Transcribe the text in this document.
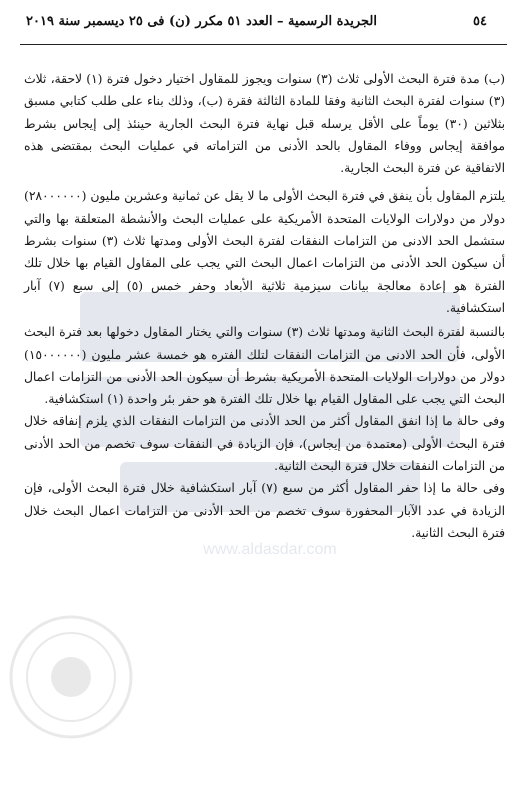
٥٤
الجريدة الرسمية – العدد ٥١ مكرر (ن) فى ٢٥ ديسمبر سنة ٢٠١٩
www.aldasdar.com

(ب) مدة فترة البحث الأولى ثلاث (٣) سنوات ويجوز للمقاول اختيار دخول فترة (١) لاحقة، ثلاث (٣) سنوات لفترة البحث الثانية وفقا للمادة الثالثة فقرة (ب)، وذلك بناء على طلب كتابي مسبق بثلاثين (٣٠) يوماً على الأقل يرسله قبل نهاية فترة البحث الجارية حينئذ إلى إيجاس بشرط موافقة إيجاس ووفاء المقاول بالحد الأدنى من التزاماته في عمليات البحث بمقتضى هذه الاتفاقية عن فترة البحث الجارية.

يلتزم المقاول بأن ينفق في فترة البحث الأولى ما لا يقل عن ثمانية وعشرين مليون (٢٨٠٠٠٠٠٠) دولار من دولارات الولايات المتحدة الأمريكية على عمليات البحث والأنشطة المتعلقة بها والتي ستشمل الحد الادنى من التزامات النفقات لفترة البحث الأولى ومدتها ثلاث (٣) سنوات بشرط أن سيكون الحد الأدنى من التزامات اعمال البحث التي يجب على المقاول القيام بها خلال تلك الفترة هو إعادة معالجة بيانات سيزمية ثلاثية الأبعاد وحفر خمس (٥) إلى سبع (٧) آبار استكشافية.

بالنسبة لفترة البحث الثانية ومدتها ثلاث (٣) سنوات والتي يختار المقاول دخولها بعد فترة البحث الأولى، فأن الحد الادنى من التزامات النفقات لتلك الفتره هو خمسة عشر مليون (١٥٠٠٠٠٠٠) دولار من دولارات الولايات المتحدة الأمريكية بشرط أن سيكون الحد الأدنى من التزامات اعمال البحث التي يجب على المقاول القيام بها خلال تلك الفترة هو حفر بئر واحدة (١) استكشافية.

وفى حالة ما إذا انفق المقاول أكثر من الحد الأدنى من التزامات النفقات الذي يلزم إنفاقه خلال فترة البحث الأولى (معتمدة من إيجاس)، فإن الزيادة في النفقات سوف تخصم من الحد الأدنى من التزامات النفقات خلال فترة البحث الثانية.

وفى حالة ما إذا حفر المقاول أكثر من سبع (٧) آبار استكشافية خلال فترة البحث الأولى، فإن الزيادة في عدد الآبار المحفورة سوف تخصم من الحد الأدنى من التزامات اعمال البحث خلال فترة البحث الثانية.
